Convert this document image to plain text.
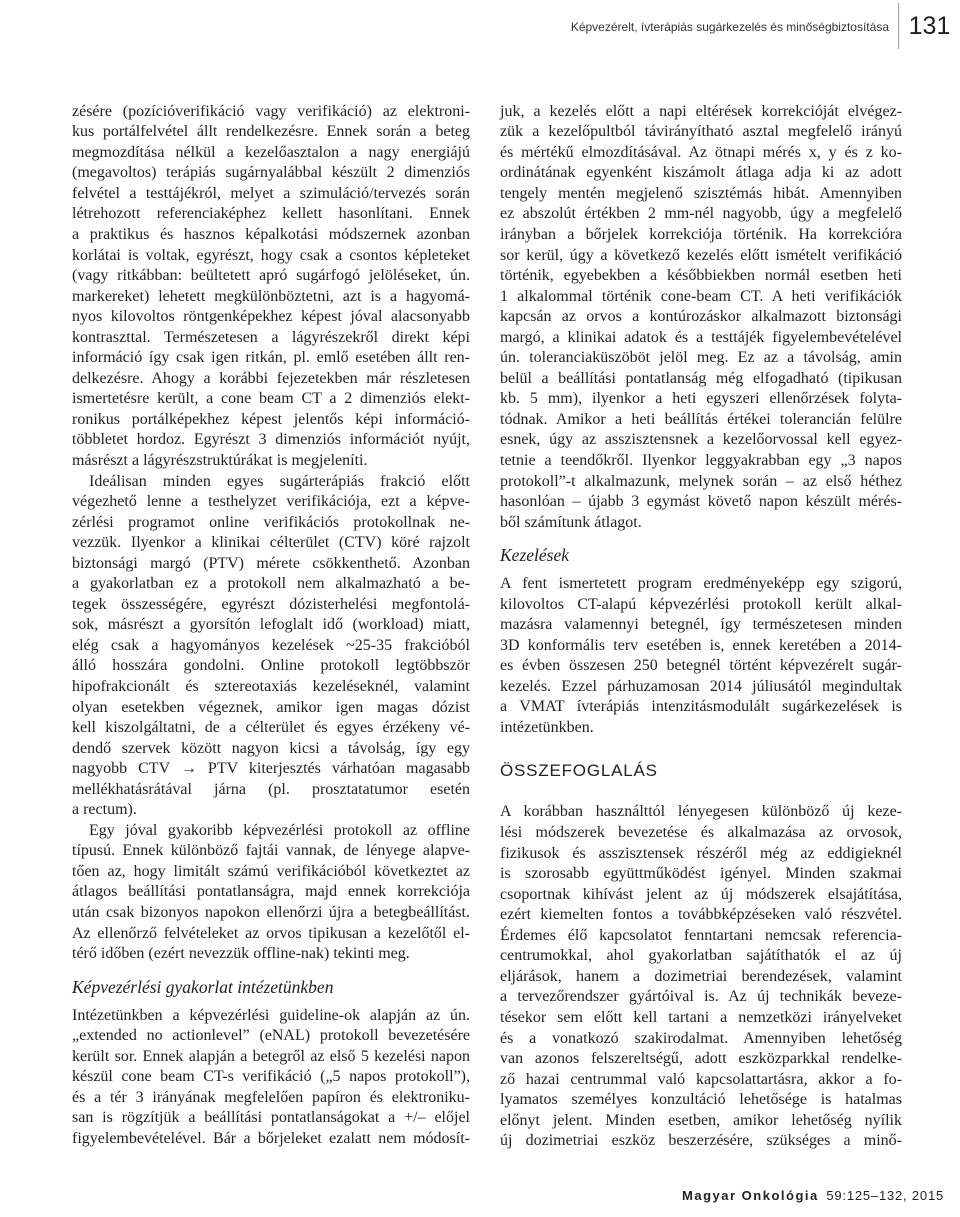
Képvezérelt, ívterápiás sugárkezelés és minőségbiztosítása 131
zésére (pozícióverifikáció vagy verifikáció) az elektroni-
kus portálfelvétel állt rendelkezésre. Ennek során a beteg
megmozdítása nélkül a kezelőasztalon a nagy energiájú
(megavoltos) terápiás sugárnyalábbal készült 2 dimenziós
felvétel a testtájékról, melyet a szimuláció/tervezés során
létrehozott referenciaképhez kellett hasonlítani. Ennek
a praktikus és hasznos képalkotási módszernek azonban
korlátai is voltak, egyrészt, hogy csak a csontos képleteket
(vagy ritkábban: beültetett apró sugárfogó jelöléseket, ún.
markereket) lehetett megkülönböztetni, azt is a hagyomá-
nyos kilovoltos röntgenképekhez képest jóval alacsonyabb
kontraszttal. Természetesen a lágyrészekről direkt képi
információ így csak igen ritkán, pl. emlő esetében állt ren-
delkezésre. Ahogy a korábbi fejezetekben már részletesen
ismertetésre került, a cone beam CT a 2 dimenziós elekt-
ronikus portálképekhez képest jelentős képi információ-
többletet hordoz. Egyrészt 3 dimenziós információt nyújt,
másrészt a lágyrészstruktúrákat is megjeleníti.
Ideálisan minden egyes sugárterápiás frakció előtt
végezhető lenne a testhelyzet verifikációja, ezt a képve-
zérlési programot online verifikációs protokollnak ne-
vezzük. Ilyenkor a klinikai célterület (CTV) köré rajzolt
biztonsági margó (PTV) mérete csökkenthető. Azonban
a gyakorlatban ez a protokoll nem alkalmazható a be-
tegek összességére, egyrészt dózisterhelési megfontolá-
sok, másrészt a gyorsítón lefoglalt idő (workload) miatt,
elég csak a hagyományos kezelések ~25-35 frakcióból
álló hosszára gondolni. Online protokoll legtöbbször
hipofrakcionált és sztereotaxiás kezeléseknél, valamint
olyan esetekben végeznek, amikor igen magas dózist
kell kiszolgáltatni, de a célterület és egyes érzékeny vé-
dendő szervek között nagyon kicsi a távolság, így egy
nagyobb CTV → PTV kiterjesztés várhatóan magasabb
mellékhatásrátával járna (pl. prosztatatumor esetén
a rectum).
Egy jóval gyakoribb képvezérlési protokoll az offline
típusú. Ennek különböző fajtái vannak, de lényege alapve-
tően az, hogy limitált számú verifikációból következtet az
átlagos beállítási pontatlanságra, majd ennek korrekciója
után csak bizonyos napokon ellenőrzi újra a betegbeállítást.
Az ellenőrző felvételeket az orvos tipikusan a kezelőtől el-
térő időben (ezért nevezzük offline-nak) tekinti meg.
Képvezérlési gyakorlat intézetünkben
Intézetünkben a képvezérlési guideline-ok alapján az ún.
„extended no actionlevel” (eNAL) protokoll bevezetésére
került sor. Ennek alapján a betegről az első 5 kezelési napon
készül cone beam CT-s verifikáció („5 napos protokoll”),
és a tér 3 irányának megfelelően papíron és elektroniku-
san is rögzítjük a beállítási pontatlanságokat a +/– előjel
figyelembevételével. Bár a bőrjeleket ezalatt nem módosít-
juk, a kezelés előtt a napi eltérések korrekcióját elvégez-
zük a kezelőpultból távirányítható asztal megfelelő irányú
és mértékű elmozdításával. Az ötnapi mérés x, y és z ko-
ordinátának egyenként kiszámolt átlaga adja ki az adott
tengely mentén megjelenő szisztémás hibát. Amennyiben
ez abszolút értékben 2 mm-nél nagyobb, úgy a megfelelő
irányban a bőrjelek korrekciója történik. Ha korrekcióra
sor kerül, úgy a következő kezelés előtt ismételt verifikáció
történik, egyebekben a későbbiekben normál esetben heti
1 alkalommal történik cone-beam CT. A heti verifikációk
kapcsán az orvos a kontúrozáskor alkalmazott biztonsági
margó, a klinikai adatok és a testtájék figyelembevételével
ún. toleranciaküszöböt jelöl meg. Ez az a távolság, amin
belül a beállítási pontatlanság még elfogadható (tipikusan
kb. 5 mm), ilyenkor a heti egyszeri ellenőrzések folyta-
tódnak. Amikor a heti beállítás értékei tolerancián felülre
esnek, úgy az asszisztensnek a kezelőorvossal kell egyez-
tetnie a teendőkről. Ilyenkor leggyakrabban egy „3 napos
protokoll”-t alkalmazunk, melynek során – az első héthez
hasonlóan – újabb 3 egymást követő napon készült mérés-
ből számítunk átlagot.
Kezelések
A fent ismertetett program eredményeképp egy szigorú,
kilovoltos CT-alapú képvezérlési protokoll került alkal-
mazásra valamennyi betegnél, így természetesen minden
3D konformális terv esetében is, ennek keretében a 2014-
es évben összesen 250 betegnél történt képvezérelt sugár-
kezelés. Ezzel párhuzamosan 2014 júliusától megindultak
a VMAT ívterápiás intenzitásmodulált sugárkezelések is
intézetünkben.
ÖSSZEFOGLALÁS
A korábban használttól lényegesen különböző új keze-
lési módszerek bevezetése és alkalmazása az orvosok,
fizikusok és asszisztensek részéről még az eddigieknél
is szorosabb együttműködést igényel. Minden szakmai
csoportnak kihívást jelent az új módszerek elsajátítása,
ezért kiemelten fontos a továbbképzéseken való részvétel.
Érdemes élő kapcsolatot fenntartani nemcsak referencia-
centrumokkal, ahol gyakorlatban sajátíthatók el az új
eljárások, hanem a dozimetriai berendezések, valamint
a tervezőrendszer gyártóival is. Az új technikák beveze-
tésekor sem előtt kell tartani a nemzetközi irányelveket
és a vonatkozó szakirodalmat. Amennyiben lehetőség
van azonos felszereltségű, adott eszközparkkal rendelke-
ző hazai centrummal való kapcsolattartásra, akkor a fo-
lyamatos személyes konzultáció lehetősége is hatalmas
előnyt jelent. Minden esetben, amikor lehetőség nyílik
új dozimetriai eszköz beszerzésére, szükséges a minő-
Magyar Onkológia 59:125–132, 2015
